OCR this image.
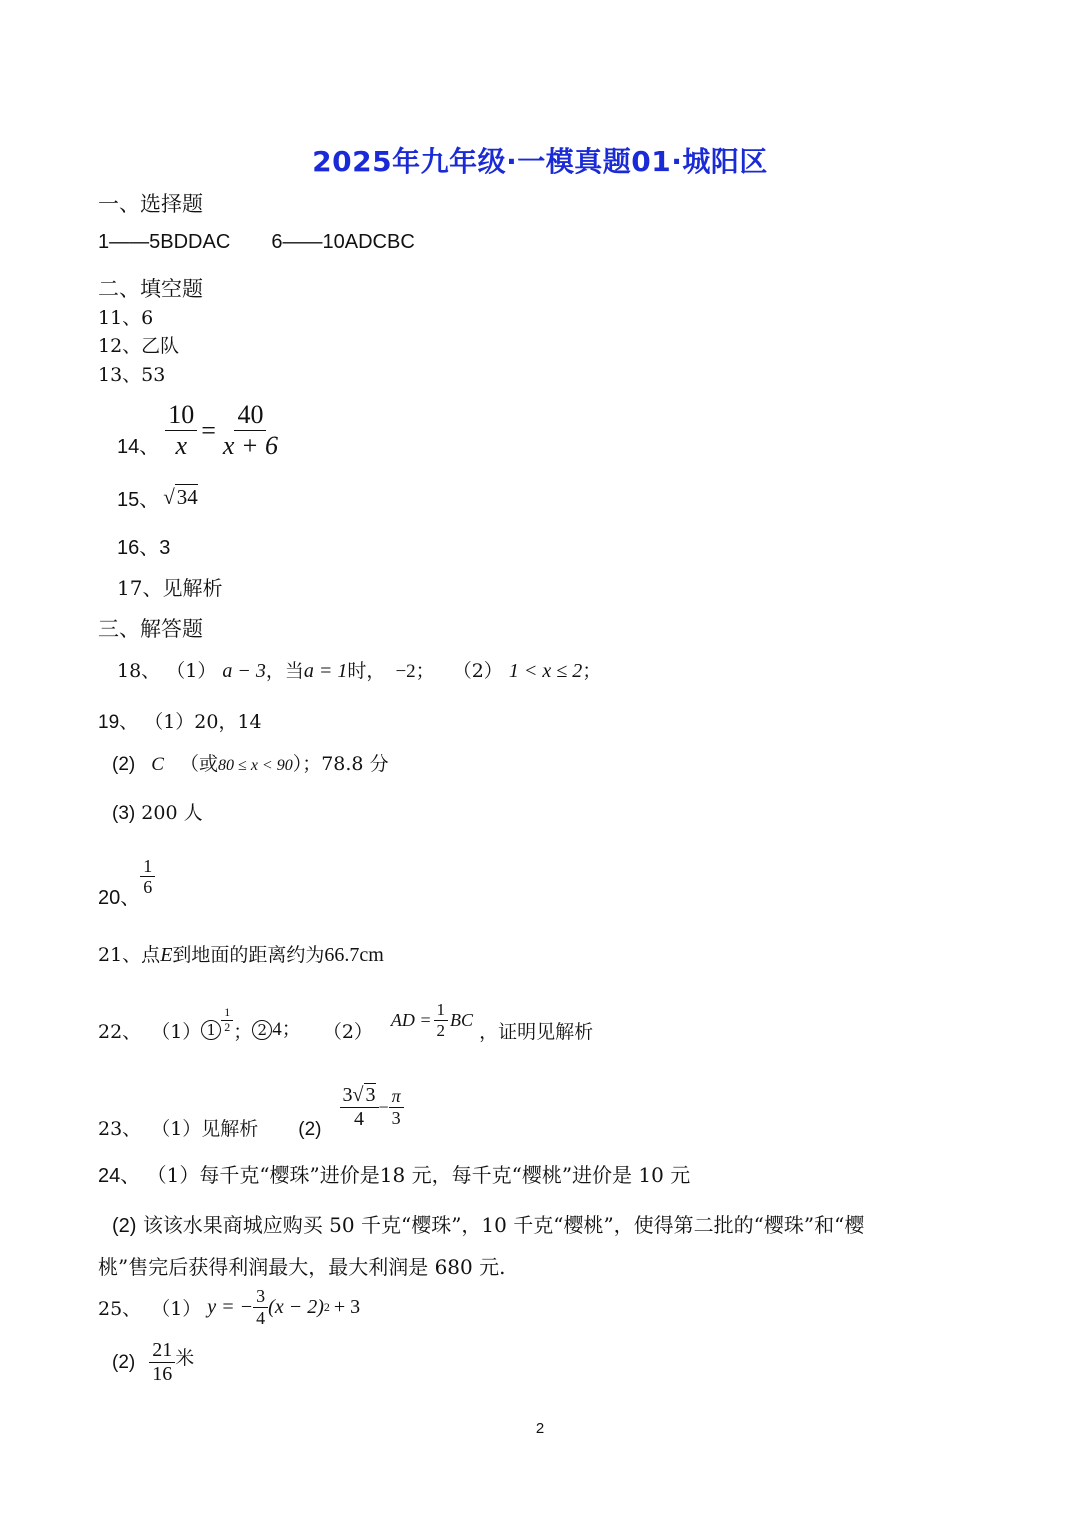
2025年九年级·一模真题01·城阳区
一、选择题
1——5BDDAC 6——10ADCBC
二、填空题
11、6
12、乙队
13、53
14、 $\frac{10}{x} = \frac{40}{x + 6}$
15、 √34
16、3
17、见解析
三、解答题
18、 （1） a − 3，当a = 1时， −2； （2） 1 < x ≤ 2；
19、 （1）20，14
(2) C （或80 ≤ x < 90）；78.8 分
(3) 200 人
20、 $\frac{1}{6}$
21、点E到地面的距离约为66.7cm
22、 （1） $1 \frac{1}{2}$ ； 2 4； （2）
AD = $\frac{1}{2}$ BC
，证明见解析
23、 （1）见解析 $(2) \frac{3√ 3}{4} - \frac{\pi}{3}$
24、 （1）每千克“樱珠”进价是18 元，每千克“樱桃”进价是 10 元
(2) 该该水果商城应购买 50 千克“樱珠”，10 千克“樱桃”，使得第二批的“樱珠”和“樱
桃”售完后获得利润最大，最大利润是 680 元.
25、 （1） y = − $\frac{3}{4} (x - 2) 2 + 3$
$(2) \frac{21}{16}$ 米
2
